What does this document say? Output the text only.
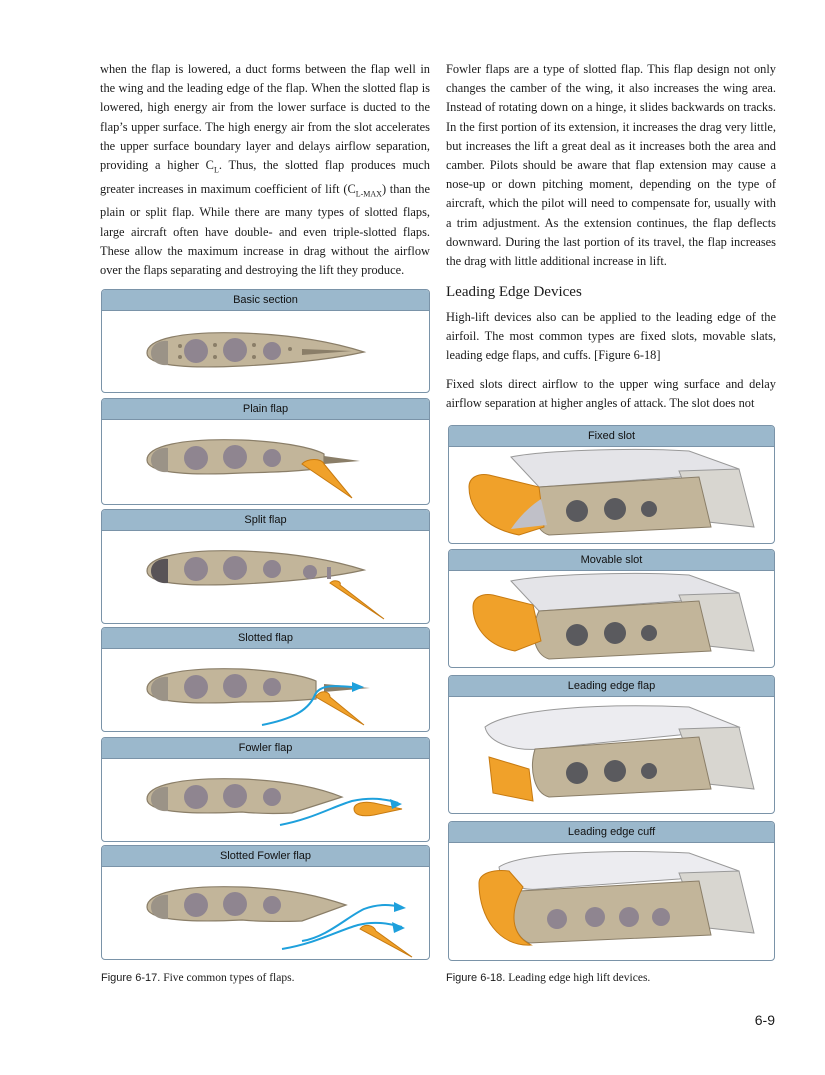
when the flap is lowered, a duct forms between the flap well in the wing and the leading edge of the flap. When the slotted flap is lowered, high energy air from the lower surface is ducted to the flap’s upper surface. The high energy air from the slot accelerates the upper surface boundary layer and delays airflow separation, providing a higher $C_L$. Thus, the slotted flap produces much greater increases in maximum coefficient of lift $(C_{L-MAX})$ than the plain or split flap. While there are many types of slotted flaps, large aircraft often have double- and even triple-slotted flaps. These allow the maximum increase in drag without the airflow over the flaps separating and destroying the lift they produce.
Fowler flaps are a type of slotted flap. This flap design not only changes the camber of the wing, it also increases the wing area. Instead of rotating down on a hinge, it slides backwards on tracks. In the first portion of its extension, it increases the drag very little, but increases the lift a great deal as it increases both the area and camber. Pilots should be aware that flap extension may cause a nose-up or down pitching moment, depending on the type of aircraft, which the pilot will need to compensate for, usually with a trim adjustment. As the extension continues, the flap deflects downward. During the last portion of its travel, the flap increases the drag with little additional increase in lift.
Leading Edge Devices
High-lift devices also can be applied to the leading edge of the airfoil. The most common types are fixed slots, movable slats, leading edge flaps, and cuffs. [Figure 6-18]
Fixed slots direct airflow to the upper wing surface and delay airflow separation at higher angles of attack. The slot does not
Basic section
Plain flap
Split flap
Slotted flap
Fowler flap
Slotted Fowler flap
Fixed slot
Movable slot
Leading edge flap
Leading edge cuff
Figure 6-17. Five common types of flaps.	Figure 6-18. Leading edge high lift devices.
6-9
